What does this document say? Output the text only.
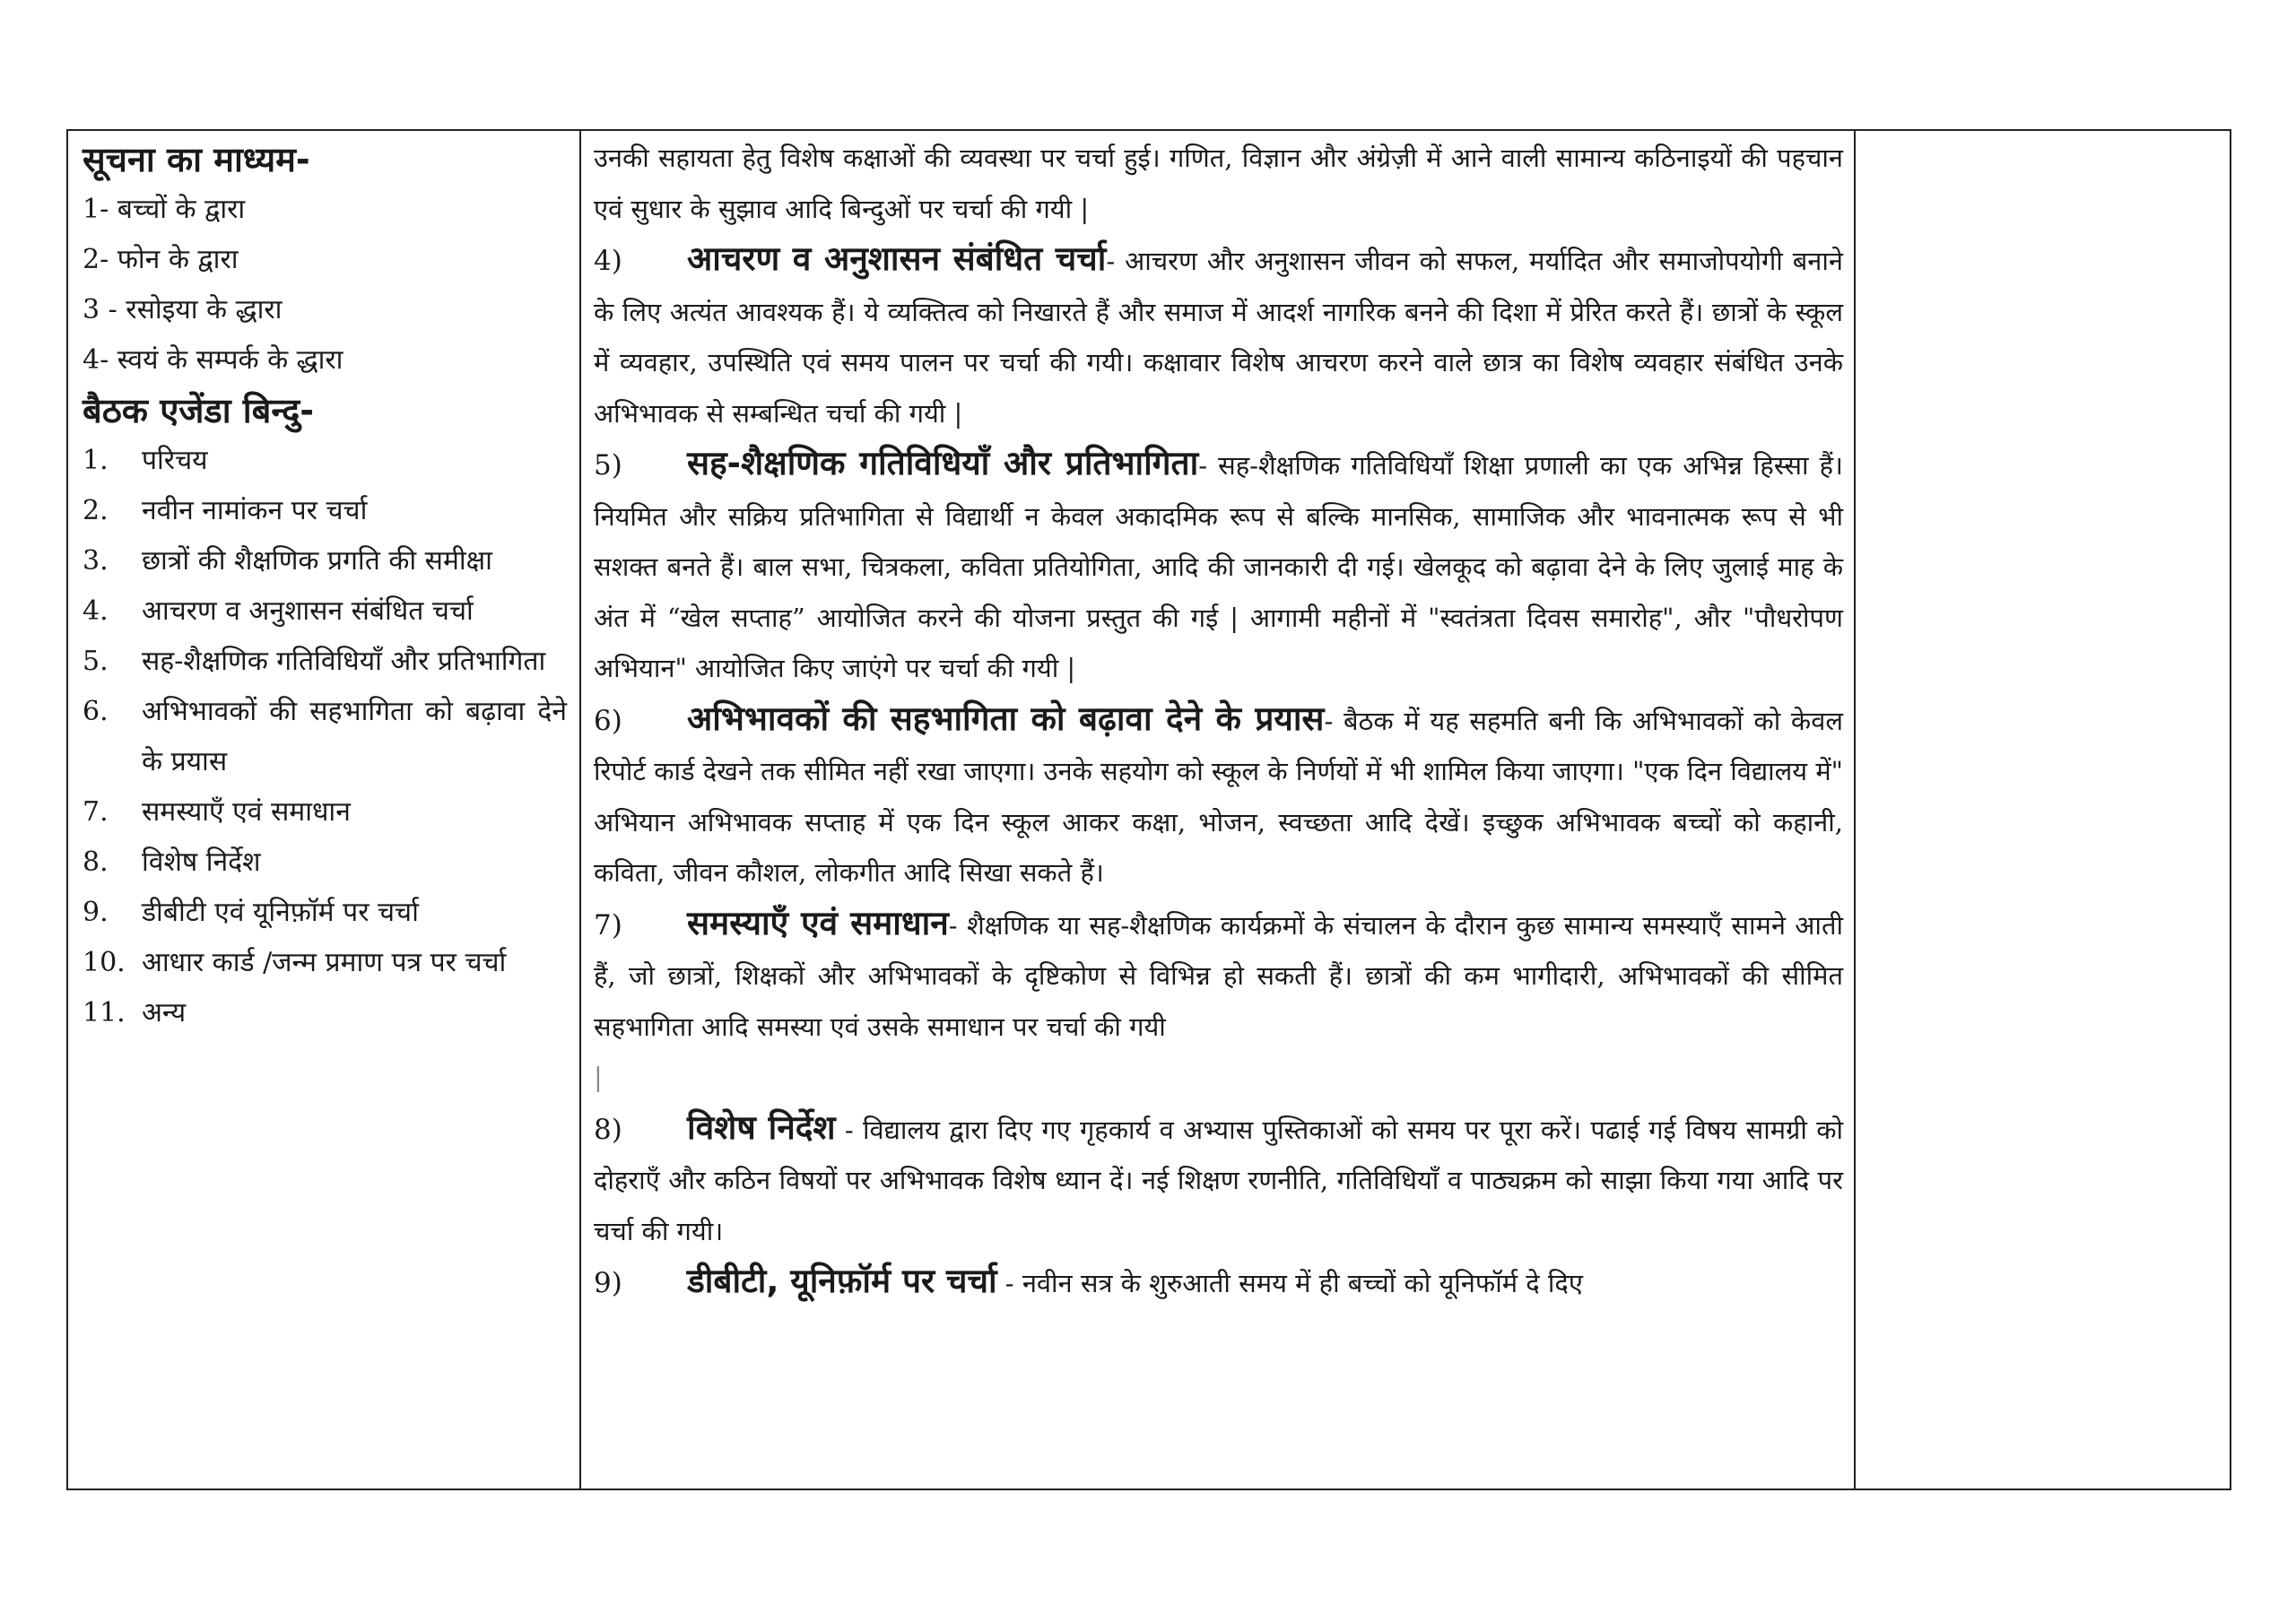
सूचना का माध्यम-

1- बच्चों के द्वारा

2- फोन के द्वारा

3 - रसोइया के द्धारा

4- स्वयं के सम्पर्क के द्धारा

बैठक एजेंडा बिन्दु-

1.	परिचय
2.	नवीन नामांकन पर चर्चा
3.	छात्रों की शैक्षणिक प्रगति की समीक्षा
4.	आचरण व अनुशासन संबंधित चर्चा
5.	सह-शैक्षणिक गतिविधियाँ और प्रतिभागिता
6.	अभिभावकों की सहभागिता को बढ़ावा देने के प्रयास
7.	समस्याएँ एवं समाधान
8.	विशेष निर्देश
9.	डीबीटी एवं यूनिफ़ॉर्म पर चर्चा
10. आधार कार्ड /जन्म प्रमाण पत्र पर चर्चा
11. अन्य

उनकी सहायता हेतु विशेष कक्षाओं की व्यवस्था पर चर्चा हुई। गणित, विज्ञान और अंग्रेज़ी में आने वाली सामान्य कठिनाइयों की पहचान एवं सुधार के सुझाव आदि बिन्दुओं पर चर्चा की गयी |

4) आचरण व अनुशासन संबंधित चर्चा- आचरण और अनुशासन जीवन को सफल, मर्यादित और समाजोपयोगी बनाने के लिए अत्यंत आवश्यक हैं। ये व्यक्तित्व को निखारते हैं और समाज में आदर्श नागरिक बनने की दिशा में प्रेरित करते हैं। छात्रों के स्कूल में व्यवहार, उपस्थिति एवं समय पालन पर चर्चा की गयी। कक्षावार विशेष आचरण करने वाले छात्र का विशेष व्यवहार संबंधित उनके अभिभावक से सम्बन्धित चर्चा की गयी |

5) सह-शैक्षणिक गतिविधियाँ और प्रतिभागिता- सह-शैक्षणिक गतिविधियाँ शिक्षा प्रणाली का एक अभिन्न हिस्सा हैं। नियमित और सक्रिय प्रतिभागिता से विद्यार्थी न केवल अकादमिक रूप से बल्कि मानसिक, सामाजिक और भावनात्मक रूप से भी सशक्त बनते हैं। बाल सभा, चित्रकला, कविता प्रतियोगिता, आदि की जानकारी दी गई। खेलकूद को बढ़ावा देने के लिए जुलाई माह के अंत में “खेल सप्ताह” आयोजित करने की योजना प्रस्तुत की गई | आगामी महीनों में "स्वतंत्रता दिवस समारोह", और "पौधरोपण अभियान" आयोजित किए जाएंगे पर चर्चा की गयी |

6) अभिभावकों की सहभागिता को बढ़ावा देने के प्रयास- बैठक में यह सहमति बनी कि अभिभावकों को केवल रिपोर्ट कार्ड देखने तक सीमित नहीं रखा जाएगा। उनके सहयोग को स्कूल के निर्णयों में भी शामिल किया जाएगा। "एक दिन विद्यालय में" अभियान अभिभावक सप्ताह में एक दिन स्कूल आकर कक्षा, भोजन, स्वच्छता आदि देखें। इच्छुक अभिभावक बच्चों को कहानी, कविता, जीवन कौशल, लोकगीत आदि सिखा सकते हैं।

7) समस्याएँ एवं समाधान- शैक्षणिक या सह-शैक्षणिक कार्यक्रमों के संचालन के दौरान कुछ सामान्य समस्याएँ सामने आती हैं, जो छात्रों, शिक्षकों और अभिभावकों के दृष्टिकोण से विभिन्न हो सकती हैं। छात्रों की कम भागीदारी, अभिभावकों की सीमित सहभागिता आदि समस्या एवं उसके समाधान पर चर्चा की गयी

|

8) विशेष निर्देश - विद्यालय द्वारा दिए गए गृहकार्य व अभ्यास पुस्तिकाओं को समय पर पूरा करें। पढाई गई विषय सामग्री को दोहराएँ और कठिन विषयों पर अभिभावक विशेष ध्यान दें। नई शिक्षण रणनीति, गतिविधियाँ व पाठ्यक्रम को साझा किया गया आदि पर चर्चा की गयी।

9) डीबीटी, यूनिफ़ॉर्म पर चर्चा - नवीन सत्र के शुरुआती समय में ही बच्चों को यूनिफॉर्म दे दिए
